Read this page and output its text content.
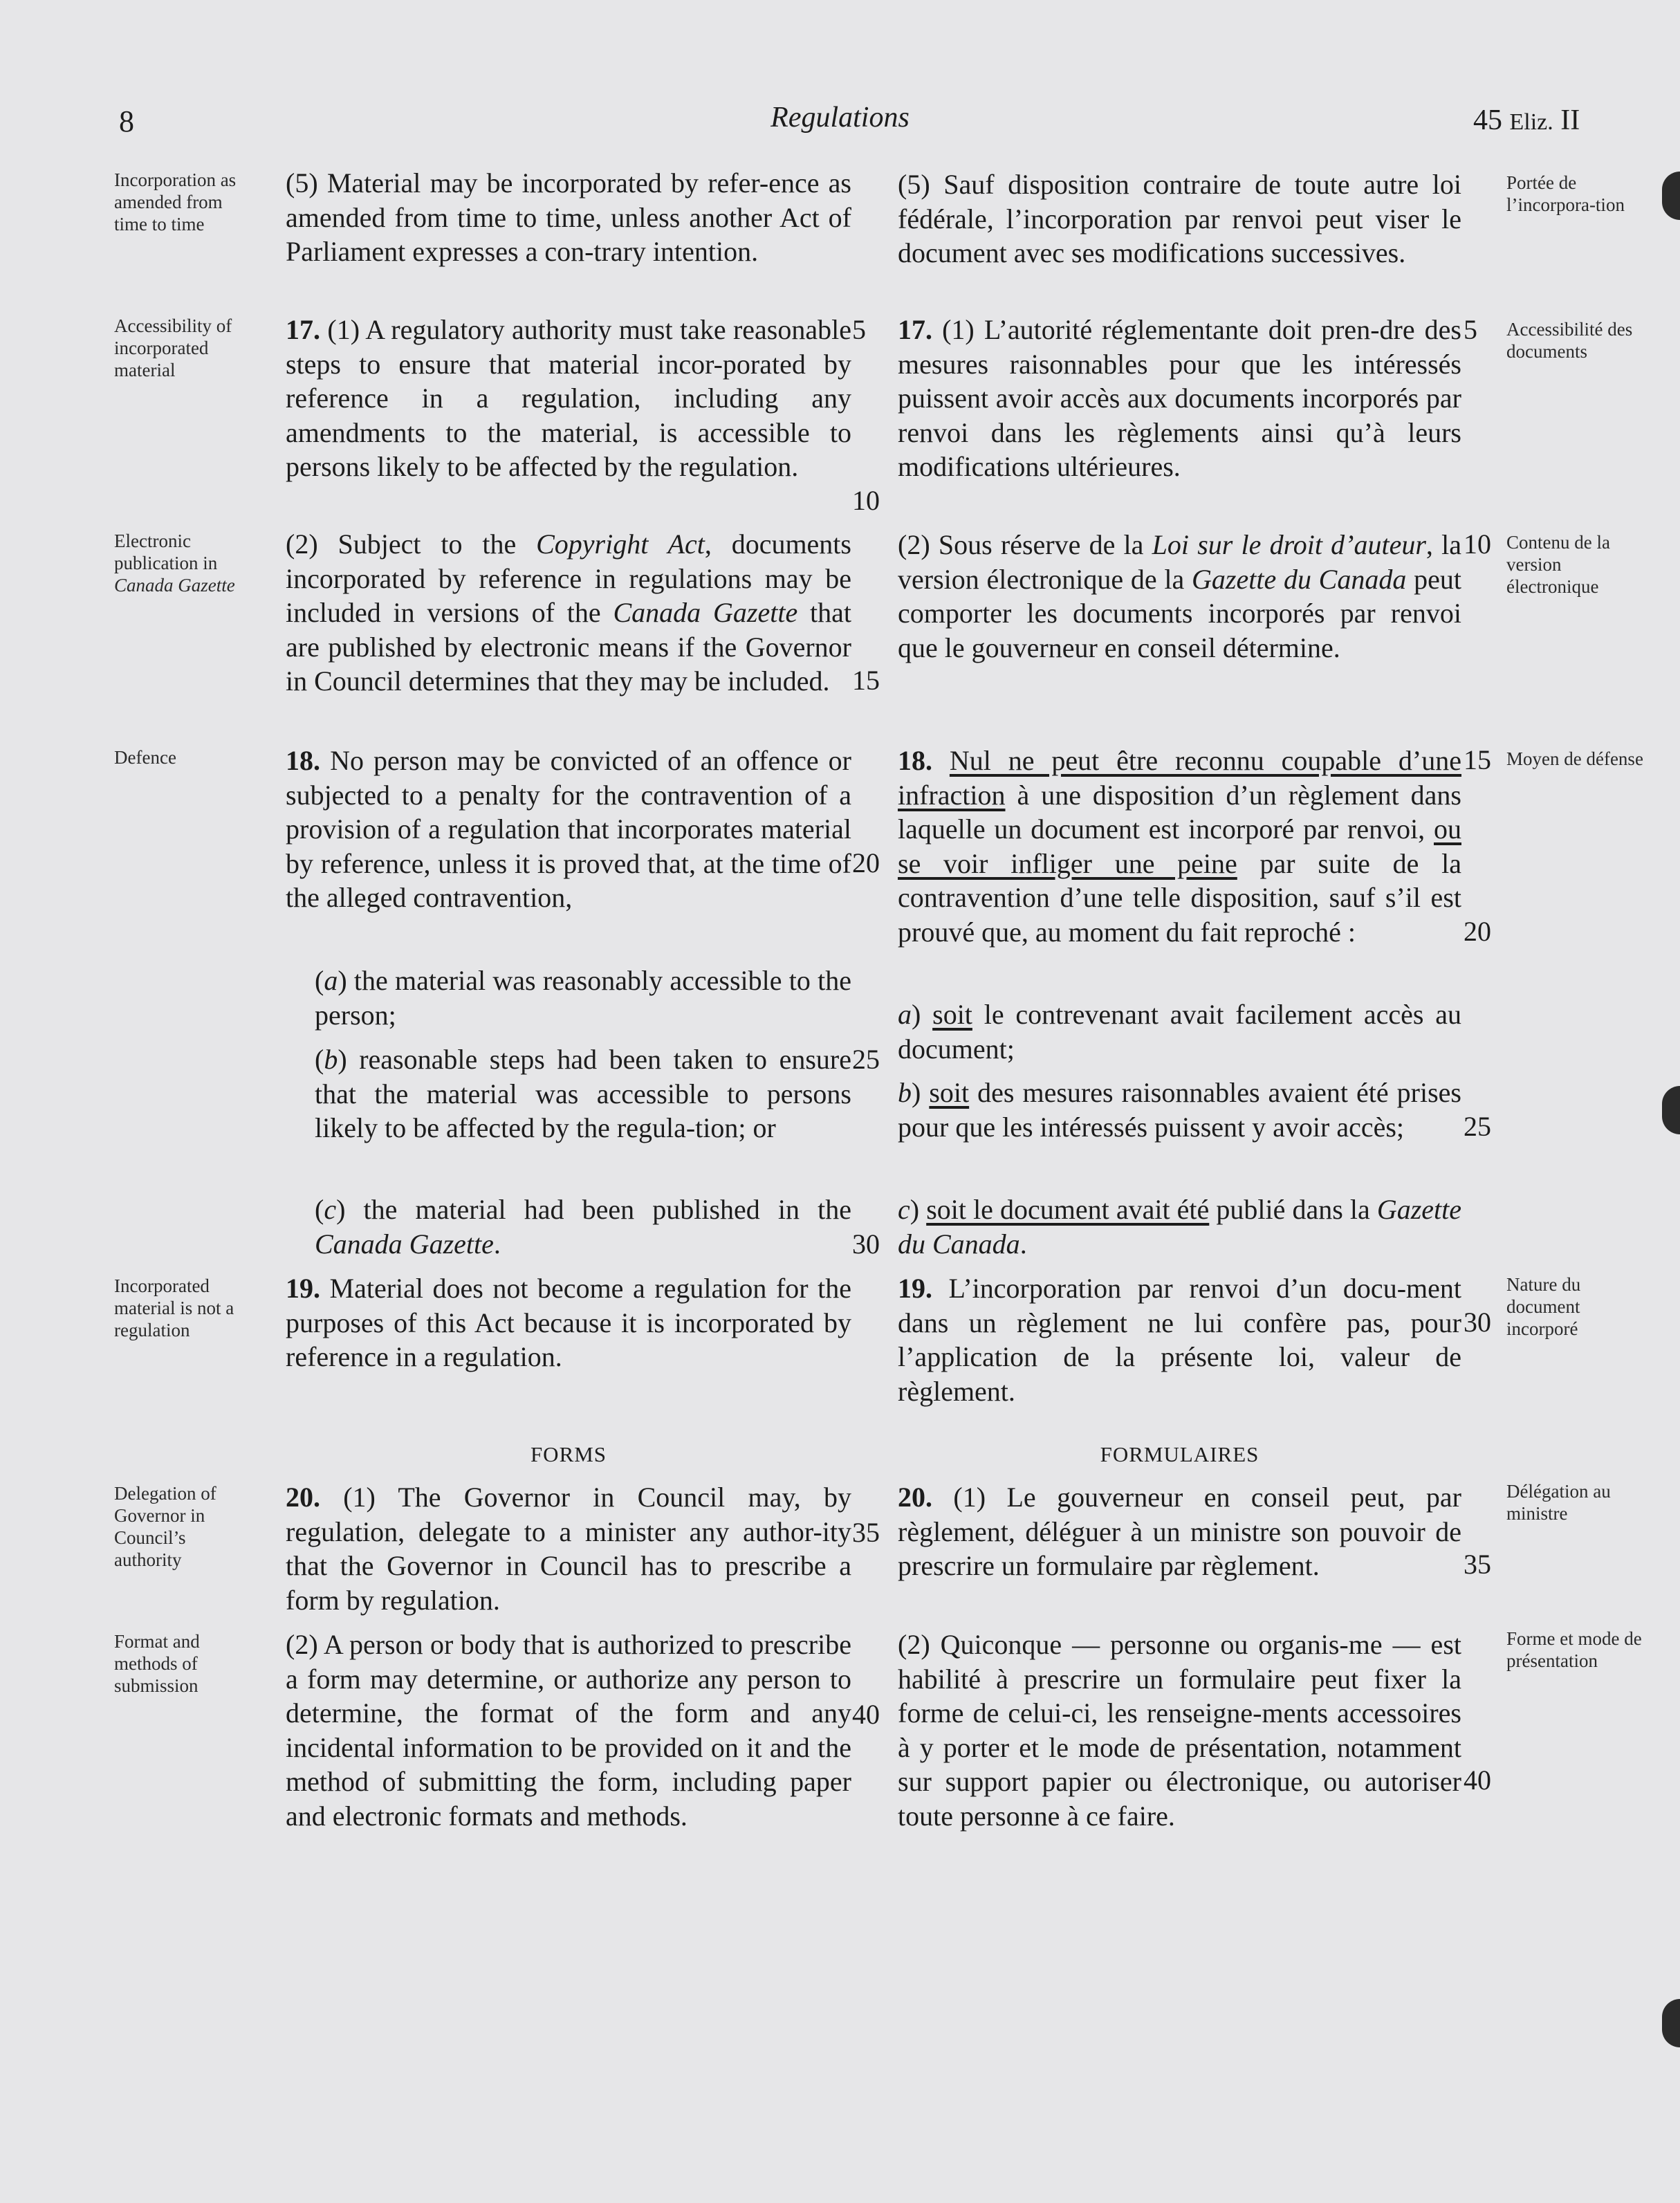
8	Regulations	45 Eliz. II
Incorporation as amended from time to time
Accessibility of incorporated material
Electronic publication in Canada Gazette
Defence
Incorporated material is not a regulation
Delegation of Governor in Council’s authority
Format and methods of submission
Portée de l’incorpora-tion
Accessibilité des documents
Contenu de la version électronique
Moyen de défense
Nature du document incorporé
Délégation au ministre
Forme et mode de présentation
(5) Material may be incorporated by refer-ence as amended from time to time, unless another Act of Parliament expresses a con-trary intention.
17. (1) A regulatory authority must take reasonable steps to ensure that material incor-porated by reference in a regulation, including any amendments to the material, is accessible to persons likely to be affected by the regulation.
(2) Subject to the Copyright Act, documents incorporated by reference in regulations may be included in versions of the Canada Gazette that are published by electronic means if the Governor in Council determines that they may be included.
18. No person may be convicted of an offence or subjected to a penalty for the contravention of a provision of a regulation that incorporates material by reference, unless it is proved that, at the time of the alleged contravention,
(a) the material was reasonably accessible to the person;
(b) reasonable steps had been taken to ensure that the material was accessible to persons likely to be affected by the regula-tion; or
(c) the material had been published in the Canada Gazette.
19. Material does not become a regulation for the purposes of this Act because it is incorporated by reference in a regulation.
FORMS
20. (1) The Governor in Council may, by regulation, delegate to a minister any author-ity that the Governor in Council has to prescribe a form by regulation.
(2) A person or body that is authorized to prescribe a form may determine, or authorize any person to determine, the format of the form and any incidental information to be provided on it and the method of submitting the form, including paper and electronic formats and methods.
(5) Sauf disposition contraire de toute autre loi fédérale, l’incorporation par renvoi peut viser le document avec ses modifications successives.
17. (1) L’autorité réglementante doit pren-dre des mesures raisonnables pour que les intéressés puissent avoir accès aux documents incorporés par renvoi dans les règlements ainsi qu’à leurs modifications ultérieures.
(2) Sous réserve de la Loi sur le droit d’auteur, la version électronique de la Gazette du Canada peut comporter les documents incorporés par renvoi que le gouverneur en conseil détermine.
18. Nul ne peut être reconnu coupable d’une infraction à une disposition d’un règlement dans laquelle un document est incorporé par renvoi, ou se voir infliger une peine par suite de la contravention d’une telle disposition, sauf s’il est prouvé que, au moment du fait reproché :
a) soit le contrevenant avait facilement accès au document;
b) soit des mesures raisonnables avaient été prises pour que les intéressés puissent y avoir accès;
c) soit le document avait été publié dans la Gazette du Canada.
19. L’incorporation par renvoi d’un docu-ment dans un règlement ne lui confère pas, pour l’application de la présente loi, valeur de règlement.
FORMULAIRES
20. (1) Le gouverneur en conseil peut, par règlement, déléguer à un ministre son pouvoir de prescrire un formulaire par règlement.
(2) Quiconque — personne ou organis-me — est habilité à prescrire un formulaire peut fixer la forme de celui-ci, les renseigne-ments accessoires à y porter et le mode de présentation, notamment sur support papier ou électronique, ou autoriser toute personne à ce faire.
5
10
15
20
25
30
35
40
5
10
15
20
25
30
35
40
